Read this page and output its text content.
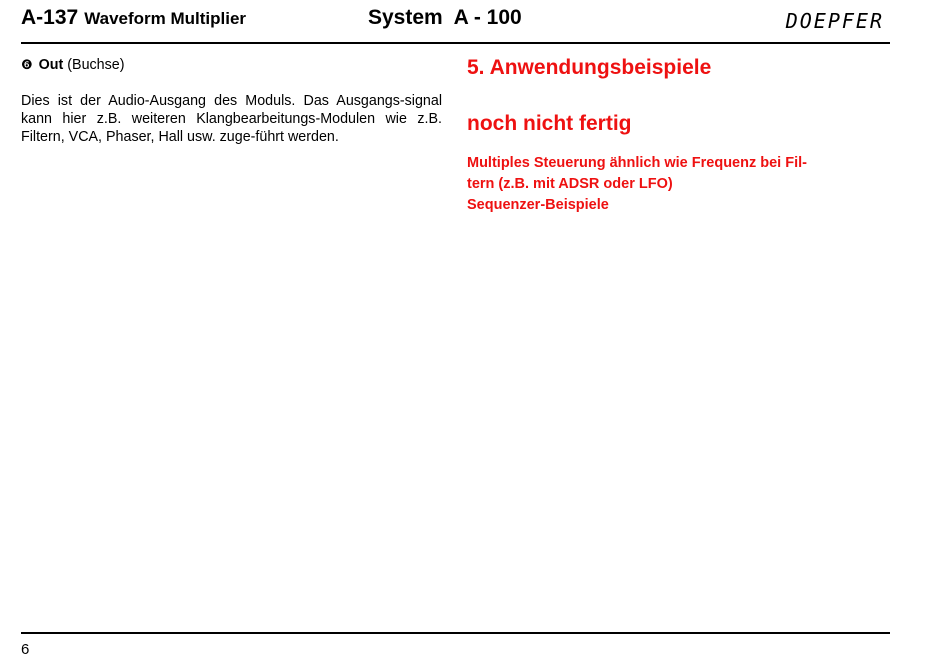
A-137 Waveform Multiplier	System  A - 100	DOEPFER

❻ Out (Buchse)

Dies ist der Audio-Ausgang des Moduls. Das Ausgangs-signal kann hier z.B. weiteren Klangbearbeitungs-Modulen wie z.B. Filtern, VCA, Phaser, Hall usw. zuge-führt werden.

5. Anwendungsbeispiele
noch nicht fertig
Multiples Steuerung ähnlich wie Frequenz bei Fil-
tern (z.B. mit ADSR oder LFO)
Sequenzer-Beispiele
6
